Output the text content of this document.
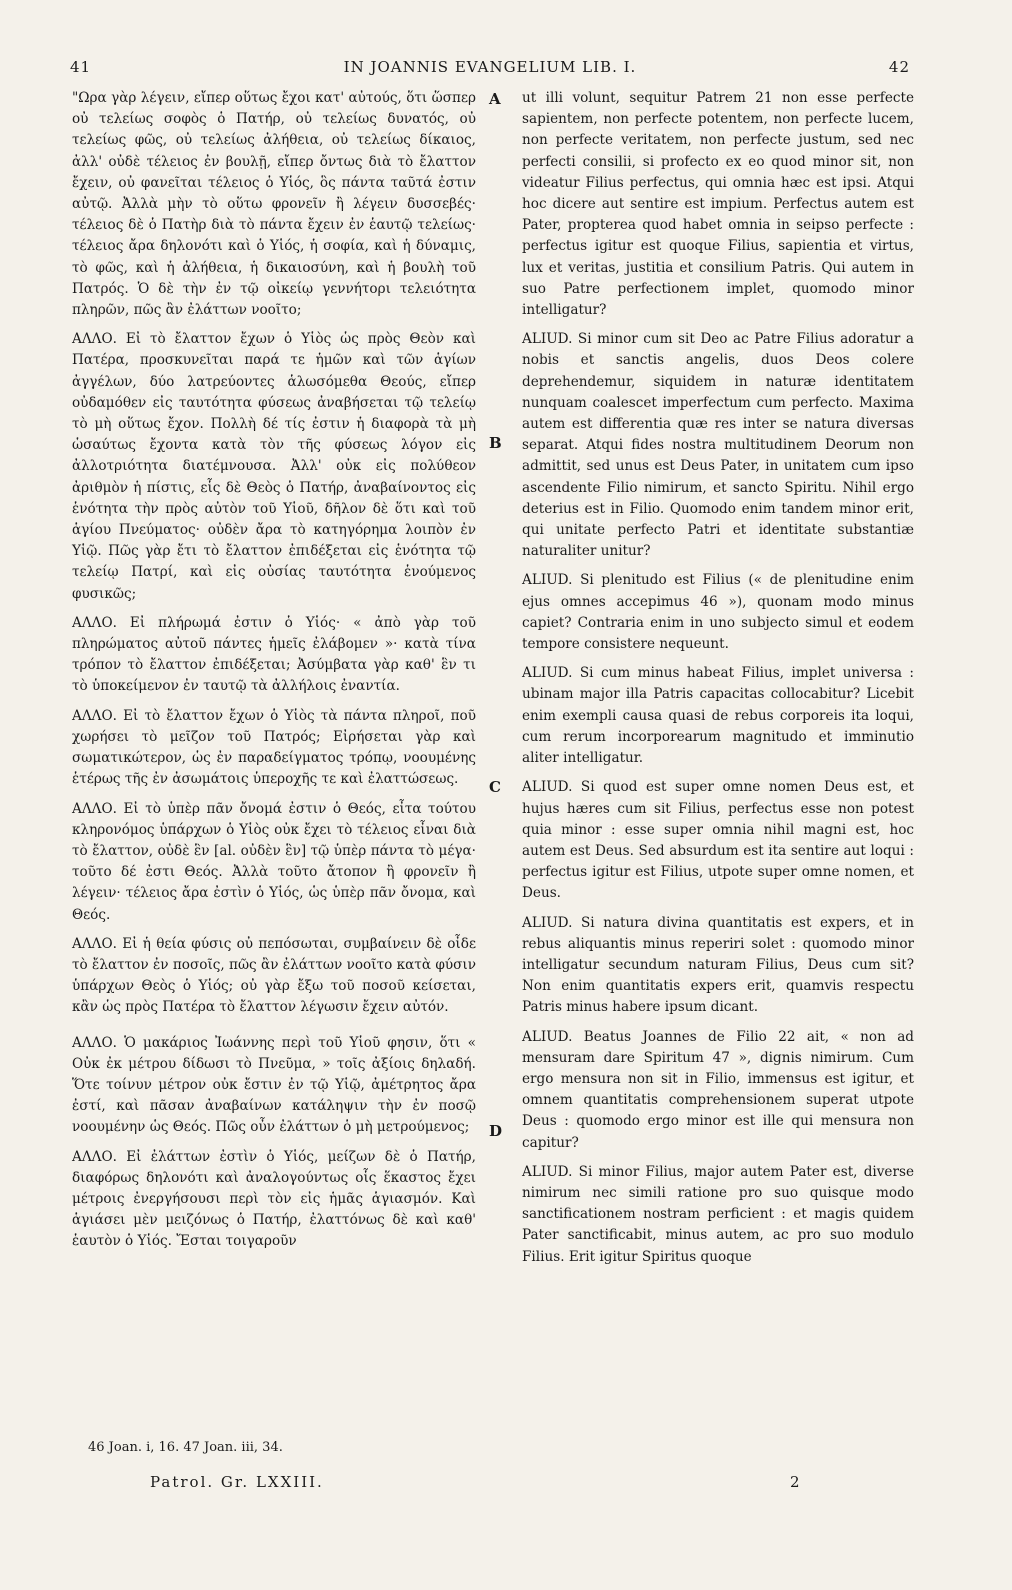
41	IN JOANNIS EVANGELIUM LIB. I.	42
A
B
C
D

"Ωρα γὰρ λέγειν, εἴπερ οὕτως ἔχοι κατ' αὐτούς, ὅτι ὥσπερ οὐ τελείως σοφὸς ὁ Πατήρ, οὐ τελείως δυνατός, οὐ τελείως φῶς, οὐ τελείως ἀλήθεια, οὐ τελείως δίκαιος, ἀλλ' οὐδὲ τέλειος ἐν βουλῇ, εἴπερ ὄντως διὰ τὸ ἔλαττον ἔχειν, οὐ φανεῖται τέλειος ὁ Υἱός, ὃς πάντα ταῦτά ἐστιν αὐτῷ. Ἀλλὰ μὴν τὸ οὕτω φρονεῖν ἢ λέγειν δυσσεβές· τέλειος δὲ ὁ Πατὴρ διὰ τὸ πάντα ἔχειν ἐν ἑαυτῷ τελείως· τέλειος ἄρα δηλονότι καὶ ὁ Υἱός, ἡ σοφία, καὶ ἡ δύναμις, τὸ φῶς, καὶ ἡ ἀλήθεια, ἡ δικαιοσύνη, καὶ ἡ βουλὴ τοῦ Πατρός. Ὁ δὲ τὴν ἐν τῷ οἰκείῳ γεννήτορι τελειότητα πληρῶν, πῶς ἂν ἐλάττων νοοῖτο;

ΑΛΛΟ. Εἰ τὸ ἔλαττον ἔχων ὁ Υἱὸς ὡς πρὸς Θεὸν καὶ Πατέρα, προσκυνεῖται παρά τε ἡμῶν καὶ τῶν ἁγίων ἀγγέλων, δύο λατρεύοντες ἁλωσόμεθα Θεούς, εἴπερ οὐδαμόθεν εἰς ταυτότητα φύσεως ἀναβήσεται τῷ τελείῳ τὸ μὴ οὕτως ἔχον. Πολλὴ δέ τίς ἐστιν ἡ διαφορὰ τὰ μὴ ὡσαύτως ἔχοντα κατὰ τὸν τῆς φύσεως λόγον εἰς ἀλλοτριότητα διατέμνουσα. Ἀλλ' οὐκ εἰς πολύθεον ἀριθμὸν ἡ πίστις, εἷς δὲ Θεὸς ὁ Πατήρ, ἀναβαίνοντος εἰς ἑνότητα τὴν πρὸς αὐτὸν τοῦ Υἱοῦ, δῆλον δὲ ὅτι καὶ τοῦ ἁγίου Πνεύματος· οὐδὲν ἄρα τὸ κατηγόρημα λοιπὸν ἐν Υἱῷ. Πῶς γὰρ ἔτι τὸ ἔλαττον ἐπιδέξεται εἰς ἑνότητα τῷ τελείῳ Πατρί, καὶ εἰς οὐσίας ταυτότητα ἑνούμενος φυσικῶς;

ΑΛΛΟ. Εἰ πλήρωμά ἐστιν ὁ Υἱός· « ἀπὸ γὰρ τοῦ πληρώματος αὐτοῦ πάντες ἡμεῖς ἐλάβομεν »· κατὰ τίνα τρόπον τὸ ἔλαττον ἐπιδέξεται; Ἀσύμβατα γὰρ καθ' ἓν τι τὸ ὑποκείμενον ἐν ταυτῷ τὰ ἀλλήλοις ἐναντία.

ΑΛΛΟ. Εἰ τὸ ἔλαττον ἔχων ὁ Υἱὸς τὰ πάντα πληροῖ, ποῦ χωρήσει τὸ μεῖζον τοῦ Πατρός; Εἰρήσεται γὰρ καὶ σωματικώτερον, ὡς ἐν παραδείγματος τρόπῳ, νοουμένης ἑτέρως τῆς ἐν ἀσωμάτοις ὑπεροχῆς τε καὶ ἐλαττώσεως.

ΑΛΛΟ. Εἰ τὸ ὑπὲρ πᾶν ὄνομά ἐστιν ὁ Θεός, εἶτα τούτου κληρονόμος ὑπάρχων ὁ Υἱὸς οὐκ ἔχει τὸ τέλειος εἶναι διὰ τὸ ἔλαττον, οὐδὲ ἓν [al. οὐδὲν ἓν] τῷ ὑπὲρ πάντα τὸ μέγα· τοῦτο δέ ἐστι Θεός. Ἀλλὰ τοῦτο ἄτοπον ἢ φρονεῖν ἢ λέγειν· τέλειος ἄρα ἐστὶν ὁ Υἱός, ὡς ὑπὲρ πᾶν ὄνομα, καὶ Θεός.

ΑΛΛΟ. Εἰ ἡ θεία φύσις οὐ πεπόσωται, συμβαίνειν δὲ οἶδε τὸ ἔλαττον ἐν ποσοῖς, πῶς ἂν ἐλάττων νοοῖτο κατὰ φύσιν ὑπάρχων Θεὸς ὁ Υἱός; οὐ γὰρ ἔξω τοῦ ποσοῦ κείσεται, κἂν ὡς πρὸς Πατέρα τὸ ἔλαττον λέγωσιν ἔχειν αὐτόν.

ΑΛΛΟ. Ὁ μακάριος Ἰωάννης περὶ τοῦ Υἱοῦ φησιν, ὅτι « Οὐκ ἐκ μέτρου δίδωσι τὸ Πνεῦμα, » τοῖς ἀξίοις δηλαδή. Ὅτε τοίνυν μέτρον οὐκ ἔστιν ἐν τῷ Υἱῷ, ἀμέτρητος ἄρα ἐστί, καὶ πᾶσαν ἀναβαίνων κατάληψιν τὴν ἐν ποσῷ νοουμένην ὡς Θεός. Πῶς οὖν ἐλάττων ὁ μὴ μετρούμενος;

ΑΛΛΟ. Εἰ ἐλάττων ἐστὶν ὁ Υἱός, μείζων δὲ ὁ Πατήρ, διαφόρως δηλονότι καὶ ἀναλογούντως οἷς ἕκαστος ἔχει μέτροις ἐνεργήσουσι περὶ τὸν εἰς ἡμᾶς ἁγιασμόν. Καὶ ἁγιάσει μὲν μειζόνως ὁ Πατήρ, ἐλαττόνως δὲ καὶ καθ' ἑαυτὸν ὁ Υἱός. Ἔσται τοιγαροῦν

ut illi volunt, sequitur Patrem 21 non esse perfecte sapientem, non perfecte potentem, non perfecte lucem, non perfecte veritatem, non perfecte justum, sed nec perfecti consilii, si profecto ex eo quod minor sit, non videatur Filius perfectus, qui omnia hæc est ipsi. Atqui hoc dicere aut sentire est impium. Perfectus autem est Pater, propterea quod habet omnia in seipso perfecte : perfectus igitur est quoque Filius, sapientia et virtus, lux et veritas, justitia et consilium Patris. Qui autem in suo Patre perfectionem implet, quomodo minor intelligatur?

ALIUD. Si minor cum sit Deo ac Patre Filius adoratur a nobis et sanctis angelis, duos Deos colere deprehendemur, siquidem in naturæ identitatem nunquam coalescet imperfectum cum perfecto. Maxima autem est differentia quæ res inter se natura diversas separat. Atqui fides nostra multitudinem Deorum non admittit, sed unus est Deus Pater, in unitatem cum ipso ascendente Filio nimirum, et sancto Spiritu. Nihil ergo deterius est in Filio. Quomodo enim tandem minor erit, qui unitate perfecto Patri et identitate substantiæ naturaliter unitur?

ALIUD. Si plenitudo est Filius (« de plenitudine enim ejus omnes accepimus 46 »), quonam modo minus capiet? Contraria enim in uno subjecto simul et eodem tempore consistere nequeunt.

ALIUD. Si cum minus habeat Filius, implet universa : ubinam major illa Patris capacitas collocabitur? Licebit enim exempli causa quasi de rebus corporeis ita loqui, cum rerum incorporearum magnitudo et imminutio aliter intelligatur.

ALIUD. Si quod est super omne nomen Deus est, et hujus hæres cum sit Filius, perfectus esse non potest quia minor : esse super omnia nihil magni est, hoc autem est Deus. Sed absurdum est ita sentire aut loqui : perfectus igitur est Filius, utpote super omne nomen, et Deus.

ALIUD. Si natura divina quantitatis est expers, et in rebus aliquantis minus reperiri solet : quomodo minor intelligatur secundum naturam Filius, Deus cum sit? Non enim quantitatis expers erit, quamvis respectu Patris minus habere ipsum dicant.

ALIUD. Beatus Joannes de Filio 22 ait, « non ad mensuram dare Spiritum 47 », dignis nimirum. Cum ergo mensura non sit in Filio, immensus est igitur, et omnem quantitatis comprehensionem superat utpote Deus : quomodo ergo minor est ille qui mensura non capitur?

ALIUD. Si minor Filius, major autem Pater est, diverse nimirum nec simili ratione pro suo quisque modo sanctificationem nostram perficient : et magis quidem Pater sanctificabit, minus autem, ac pro suo modulo Filius. Erit igitur Spiritus quoque

46 Joan. i, 16. 47 Joan. iii, 34.
Patrol. Gr. LXXIII.	2
